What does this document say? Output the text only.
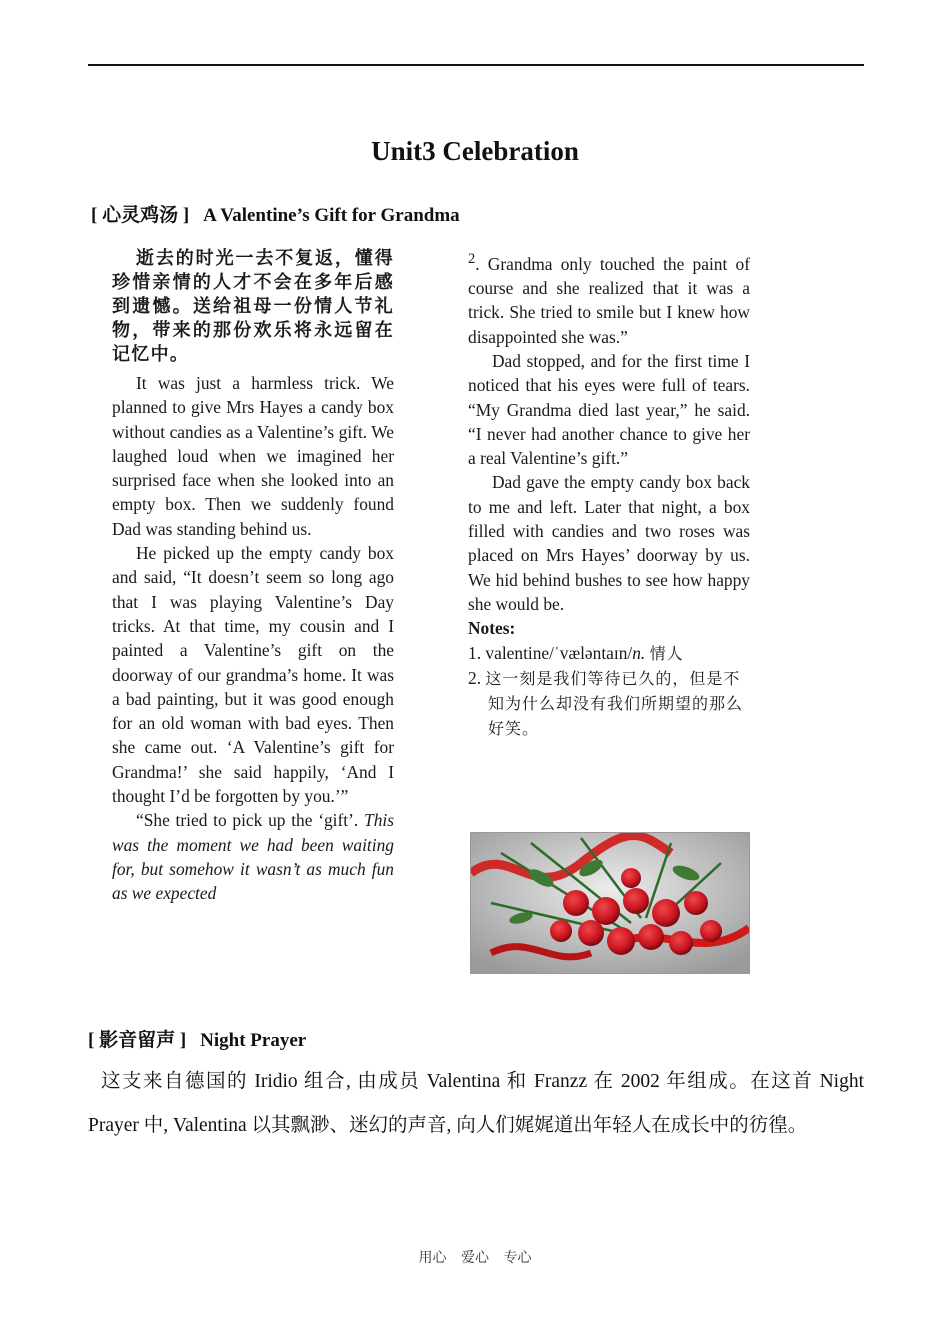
Unit3 Celebration
[ 心灵鸡汤 ] A Valentine’s Gift for Grandma

逝去的时光一去不复返，懂得珍惜亲情的人才不会在多年后感到遗憾。送给祖母一份情人节礼物，带来的那份欢乐将永远留在记忆中。

It was just a harmless trick. We planned to give Mrs Hayes a candy box without candies as a Valentine’s gift. We laughed loud when we imagined her surprised face when she looked into an empty box. Then we suddenly found Dad was standing behind us.

He picked up the empty candy box and said, “It doesn’t seem so long ago that I was playing Valentine’s Day tricks. At that time, my cousin and I painted a Valentine’s gift on the doorway of our grandma’s home. It was a bad painting, but it was good enough for an old woman with bad eyes. Then she came out. ‘A Valentine’s gift for Grandma!’ she said happily, ‘And I thought I’d be forgotten by you.’”

“She tried to pick up the ‘gift’. This was the moment we had been waiting for, but somehow it wasn’t as much fun as we expected

$^2$. Grandma only touched the paint of course and she realized that it was a trick. She tried to smile but I knew how disappointed she was.”

Dad stopped, and for the first time I noticed that his eyes were full of tears. “My Grandma died last year,” he said. “I never had another chance to give her a real Valentine’s gift.”

Dad gave the empty candy box back to me and left. Later that night, a box filled with candies and two roses was placed on Mrs Hayes’ doorway by us. We hid behind bushes to see how happy she would be.

Notes:

1. valentine/ˈvæləntaɪn/n. 情人

2. 这一刻是我们等待已久的，但是不知为什么却没有我们所期望的那么好笑。

[ 影音留声 ] Night Prayer
这支来自德国的 Iridio 组合, 由成员 Valentina 和 Franzz 在 2002 年组成。在这首 Night Prayer 中, Valentina 以其飘渺、迷幻的声音, 向人们娓娓道出年轻人在成长中的彷徨。
用心 爱心 专心
